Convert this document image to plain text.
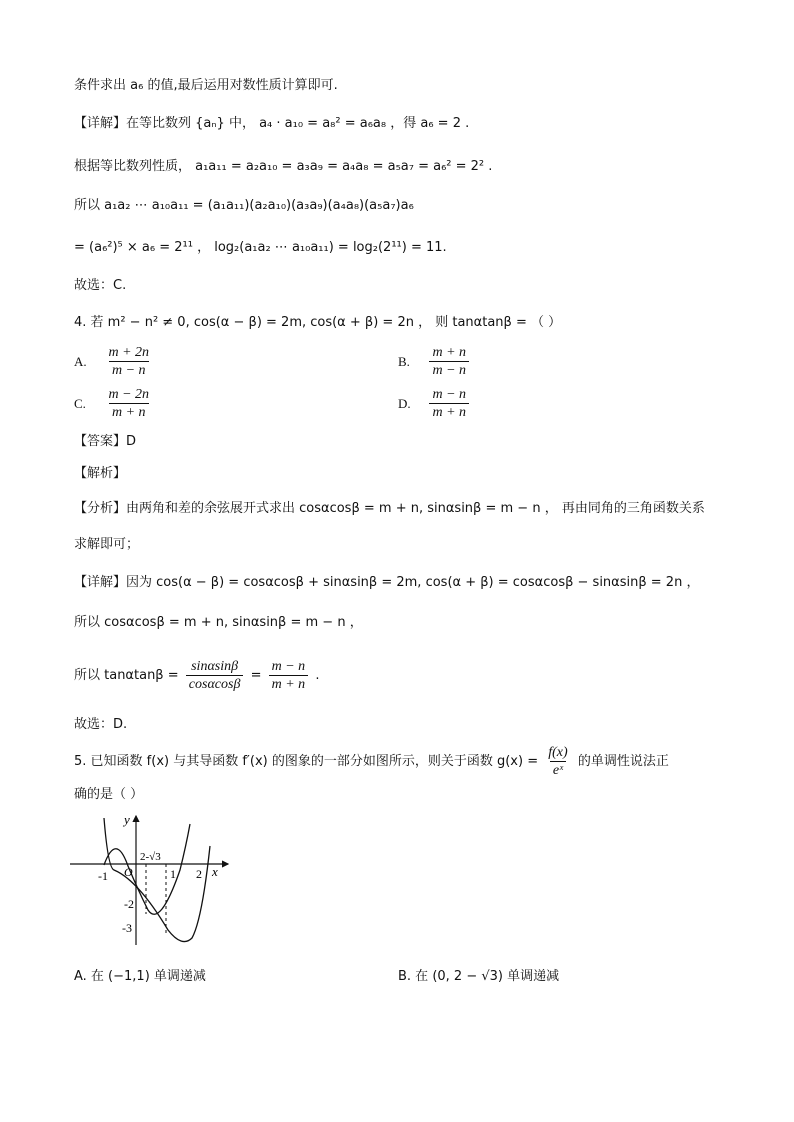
条件求出 a₆ 的值,最后运用对数性质计算即可.
【详解】在等比数列 {aₙ} 中， a₄ · a₁₀ = a₈² = a₆a₈ ，得 a₆ = 2 .
根据等比数列性质， a₁a₁₁ = a₂a₁₀ = a₃a₉ = a₄a₈ = a₅a₇ = a₆² = 2² .
所以 a₁a₂ ⋯ a₁₀a₁₁ = (a₁a₁₁)(a₂a₁₀)(a₃a₉)(a₄a₈)(a₅a₇)a₆
= (a₆²)⁵ × a₆ = 2¹¹ ， log₂(a₁a₂ ⋯ a₁₀a₁₁) = log₂(2¹¹) = 11.
故选：C.
4. 若 m² − n² ≠ 0, cos(α − β) = 2m, cos(α + β) = 2n ， 则 tanαtanβ = （ ）
A. $\frac{m + 2n}{m - n}$	B. $\frac{m + n}{m - n}$
C. $\frac{m - 2n}{m + n}$	D. $\frac{m - n}{m + n}$
【答案】D
【解析】
【分析】由两角和差的余弦展开式求出 cosαcosβ = m + n, sinαsinβ = m − n ， 再由同角的三角函数关系
求解即可；
【详解】因为 cos(α − β) = cosαcosβ + sinαsinβ = 2m, cos(α + β) = cosαcosβ − sinαsinβ = 2n ，
所以 cosαcosβ = m + n, sinαsinβ = m − n ，
所以 $\tan\alpha\tan\beta = \frac{\sin\alpha\sin\beta}{\cos\alpha\cos\beta} = \frac{m - n}{m + n}$ .
故选：D.
5. 已知函数 f(x) 与其导函数 f′(x) 的图象的一部分如图所示，则关于函数 $g(x) = \frac{f(x)}{\text{eˣ}}$ 的单调性说法正
确的是（ ）
y
x
O
-1	1 2
2-√3
-2
-3
A. 在 (−1,1) 单调递减	B. 在 (0, 2 − √3) 单调递减
